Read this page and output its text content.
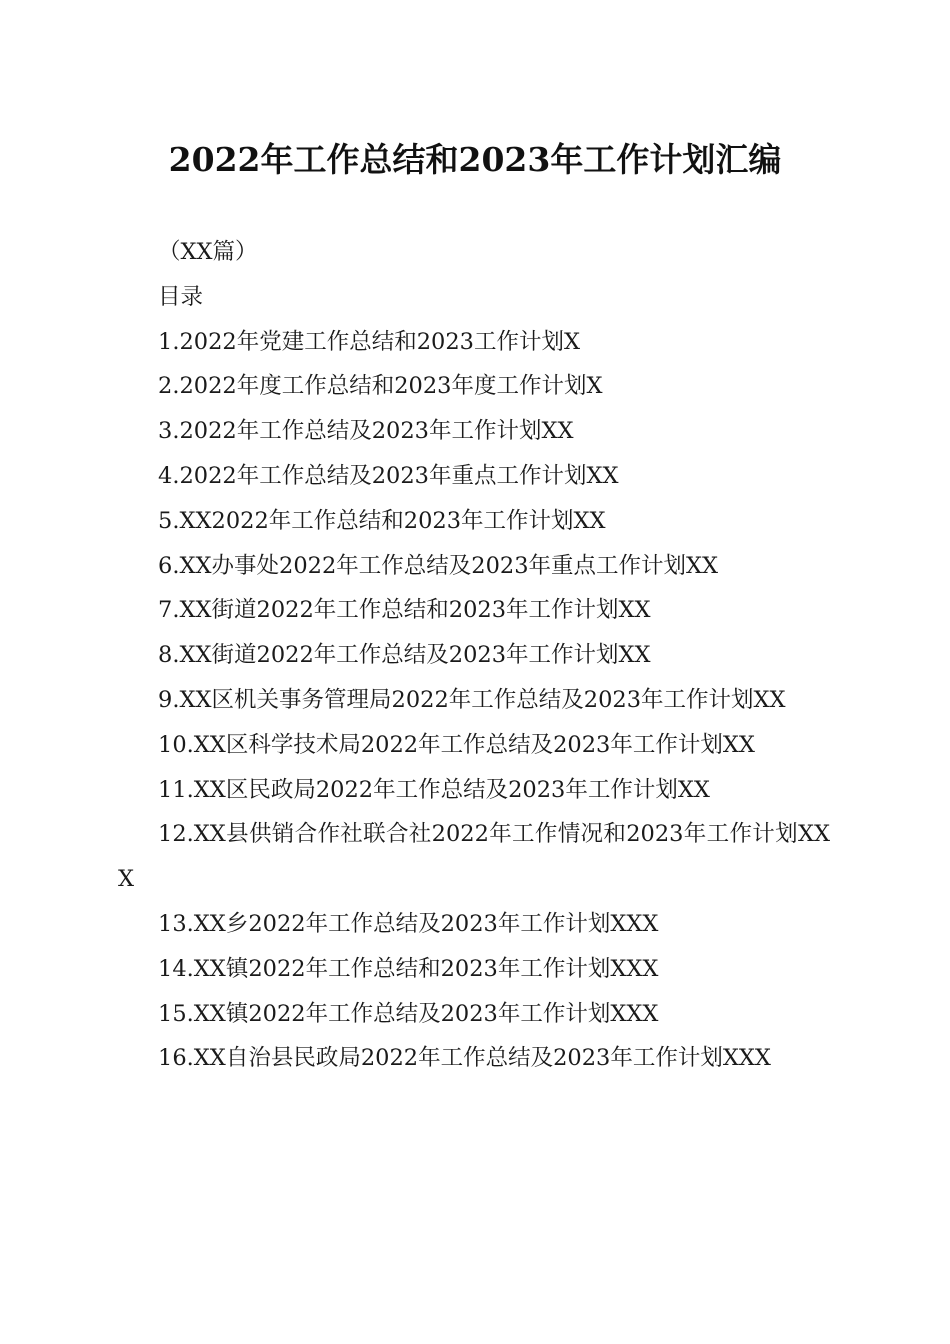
2022年工作总结和2023年工作计划汇编

（XX篇）

目录

1.2022年党建工作总结和2023工作计划X

2.2022年度工作总结和2023年度工作计划X

3.2022年工作总结及2023年工作计划XX

4.2022年工作总结及2023年重点工作计划XX

5.XX2022年工作总结和2023年工作计划XX

6.XX办事处2022年工作总结及2023年重点工作计划XX

7.XX街道2022年工作总结和2023年工作计划XX

8.XX街道2022年工作总结及2023年工作计划XX

9.XX区机关事务管理局2022年工作总结及2023年工作计划XX

10.XX区科学技术局2022年工作总结及2023年工作计划XX

11.XX区民政局2022年工作总结及2023年工作计划XX

12.XX县供销合作社联合社2022年工作情况和2023年工作计划XXX

13.XX乡2022年工作总结及2023年工作计划XXX

14.XX镇2022年工作总结和2023年工作计划XXX

15.XX镇2022年工作总结及2023年工作计划XXX

16.XX自治县民政局2022年工作总结及2023年工作计划XXX
